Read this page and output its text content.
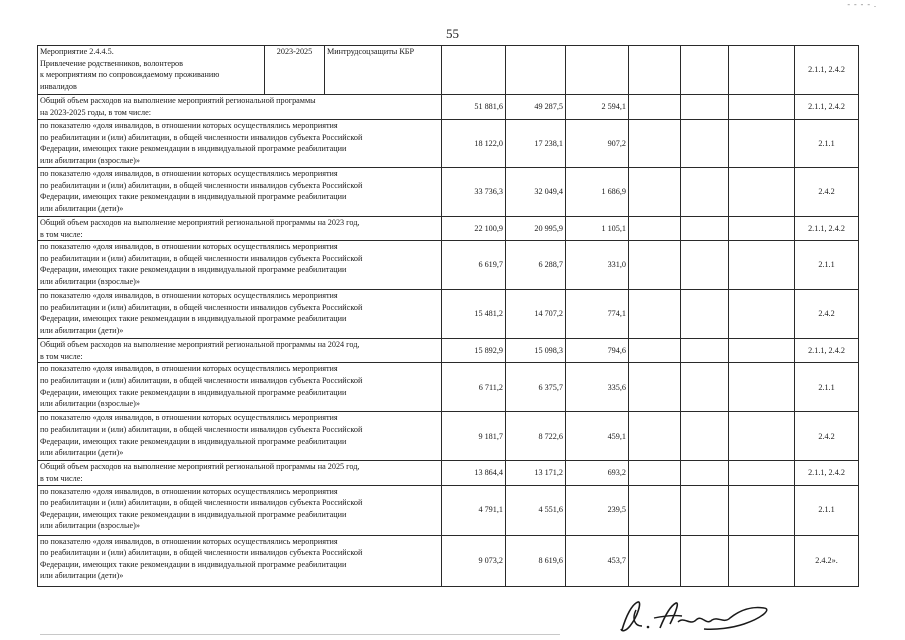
- - - - .
55
Мероприятие 2.4.4.5.
Привлечение родственников, волонтеров
к мероприятиям по сопровождаемому проживанию
инвалидов	2023-2025	Минтрудсоцзащиты КБР							2.1.1, 2.4.2
Общий объем расходов на выполнение мероприятий региональной программы
на 2023-2025 годы, в том числе:			51 881,6	49 287,5	2 594,1				2.1.1, 2.4.2
по показателю «доля инвалидов, в отношении которых осуществлялись мероприятия
по реабилитации и (или) абилитации, в общей численности инвалидов субъекта Российской
Федерации, имеющих такие рекомендации в индивидуальной программе реабилитации
или абилитации (взрослые)»			18 122,0	17 238,1	907,2				2.1.1
по показателю «доля инвалидов, в отношении которых осуществлялись мероприятия
по реабилитации и (или) абилитации, в общей численности инвалидов субъекта Российской
Федерации, имеющих такие рекомендации в индивидуальной программе реабилитации
или абилитации (дети)»			33 736,3	32 049,4	1 686,9				2.4.2
Общий объем расходов на выполнение мероприятий региональной программы на 2023 год,
в том числе:			22 100,9	20 995,9	1 105,1				2.1.1, 2.4.2
по показателю «доля инвалидов, в отношении которых осуществлялись мероприятия
по реабилитации и (или) абилитации, в общей численности инвалидов субъекта Российской
Федерации, имеющих такие рекомендации в индивидуальной программе реабилитации
или абилитации (взрослые)»			6 619,7	6 288,7	331,0				2.1.1
по показателю «доля инвалидов, в отношении которых осуществлялись мероприятия
по реабилитации и (или) абилитации, в общей численности инвалидов субъекта Российской
Федерации, имеющих такие рекомендации в индивидуальной программе реабилитации
или абилитации (дети)»			15 481,2	14 707,2	774,1				2.4.2
Общий объем расходов на выполнение мероприятий региональной программы на 2024 год,
в том числе:			15 892,9	15 098,3	794,6				2.1.1, 2.4.2
по показателю «доля инвалидов, в отношении которых осуществлялись мероприятия
по реабилитации и (или) абилитации, в общей численности инвалидов субъекта Российской
Федерации, имеющих такие рекомендации в индивидуальной программе реабилитации
или абилитации (взрослые)»			6 711,2	6 375,7	335,6				2.1.1
по показателю «доля инвалидов, в отношении которых осуществлялись мероприятия
по реабилитации и (или) абилитации, в общей численности инвалидов субъекта Российской
Федерации, имеющих такие рекомендации в индивидуальной программе реабилитации
или абилитации (дети)»			9 181,7	8 722,6	459,1				2.4.2
Общий объем расходов на выполнение мероприятий региональной программы на 2025 год,
в том числе:			13 864,4	13 171,2	693,2				2.1.1, 2.4.2
по показателю «доля инвалидов, в отношении которых осуществлялись мероприятия
по реабилитации и (или) абилитации, в общей численности инвалидов субъекта Российской
Федерации, имеющих такие рекомендации в индивидуальной программе реабилитации
или абилитации (взрослые)»			4 791,1	4 551,6	239,5				2.1.1
по показателю «доля инвалидов, в отношении которых осуществлялись мероприятия
по реабилитации и (или) абилитации, в общей численности инвалидов субъекта Российской
Федерации, имеющих такие рекомендации в индивидуальной программе реабилитации
или абилитации (дети)»			9 073,2	8 619,6	453,7				2.4.2».
